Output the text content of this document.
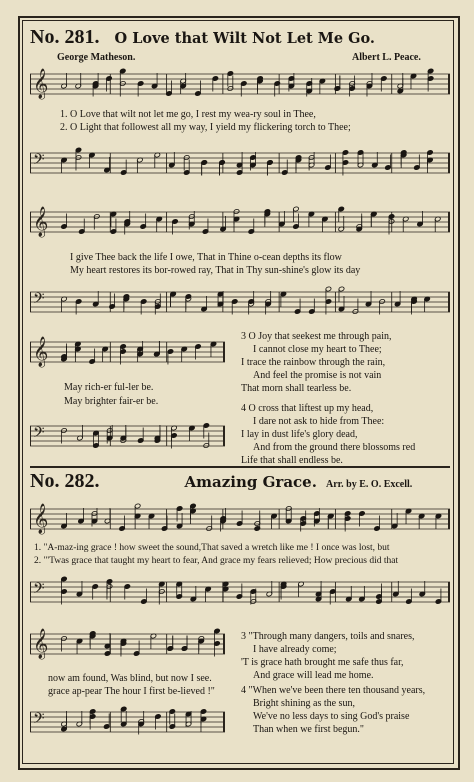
No. 281. O Love that Wilt Not Let Me Go.
George Matheson.	Albert L. Peace.
𝄞
1. O Love that wilt not let me go, I rest my wea-ry soul in Thee,
2. O Light that followest all my way, I yield my flickering torch to Thee;
𝄢
𝄞
I give Thee back the life I owe, That in Thine o-cean depths its flow
My heart restores its bor-rowed ray, That in Thy sun-shine's glow its day
𝄢
𝄞
May rich-er ful-ler be.
May brighter fair-er be.
𝄢
3 O Joy that seekest me through pain,
I cannot close my heart to Thee;
I trace the rainbow through the rain,
And feel the promise is not vain
That morn shall tearless be.
4 O cross that liftest up my head,
I dare not ask to hide from Thee:
I lay in dust life's glory dead,
And from the ground there blossoms red
Life that shall endless be.
No. 282.	Amazing Grace. Arr. by E. O. Excell.
𝄞
1. "A-maz-ing grace ! how sweet the sound,That saved a wretch like me ! I once was lost, but
2. "'Twas grace that taught my heart to fear, And grace my fears relieved; How precious did that
𝄢
𝄞
now am found, Was blind, but now I see.
grace ap-pear The hour I first be-lieved !"
𝄢
3 "Through many dangers, toils and snares,
I have already come;
'T is grace hath brought me safe thus far,
And grace will lead me home.
4 "When we've been there ten thousand years,
Bright shining as the sun,
We've no less days to sing God's praise
Than when we first begun."
